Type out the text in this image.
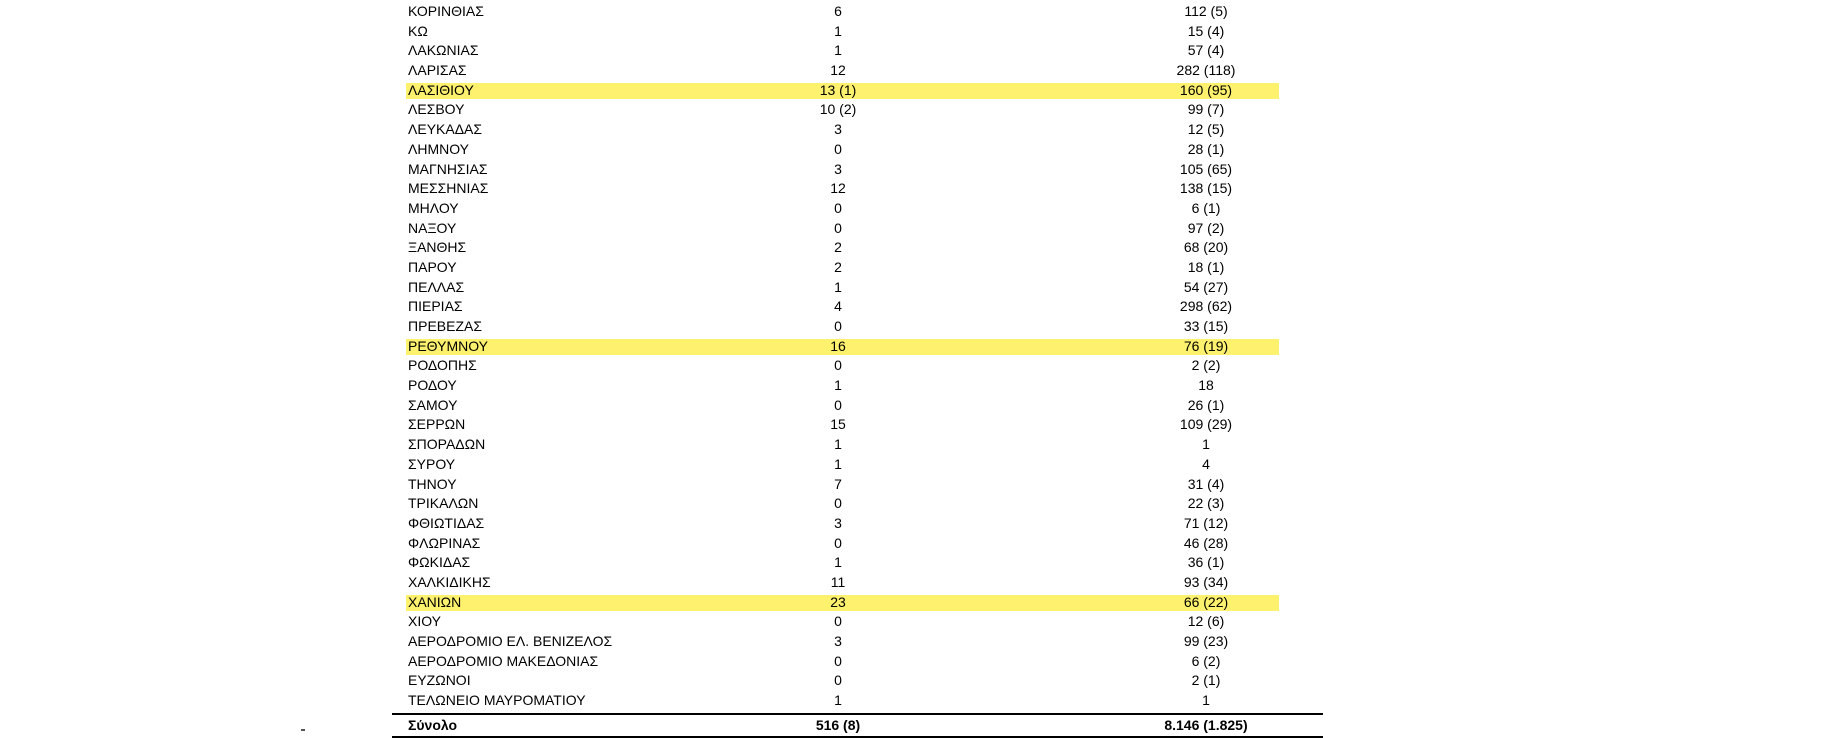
ΚΟΡΙΝΘΙΑΣ	6	112 (5)
ΚΩ	1	15 (4)
ΛΑΚΩΝΙΑΣ	1	57 (4)
ΛΑΡΙΣΑΣ	12	282 (118)
ΛΑΣΙΘΙΟΥ	13 (1)	160 (95)
ΛΕΣΒΟΥ	10 (2)	99 (7)
ΛΕΥΚΑΔΑΣ	3	12 (5)
ΛΗΜΝΟΥ	0	28 (1)
ΜΑΓΝΗΣΙΑΣ	3	105 (65)
ΜΕΣΣΗΝΙΑΣ	12	138 (15)
ΜΗΛΟΥ	0	6 (1)
ΝΑΞΟΥ	0	97 (2)
ΞΑΝΘΗΣ	2	68 (20)
ΠΑΡΟΥ	2	18 (1)
ΠΕΛΛΑΣ	1	54 (27)
ΠΙΕΡΙΑΣ	4	298 (62)
ΠΡΕΒΕΖΑΣ	0	33 (15)
ΡΕΘΥΜΝΟΥ	16	76 (19)
ΡΟΔΟΠΗΣ	0	2 (2)
ΡΟΔΟΥ	1	18
ΣΑΜΟΥ	0	26 (1)
ΣΕΡΡΩΝ	15	109 (29)
ΣΠΟΡΑΔΩΝ	1	1
ΣΥΡΟΥ	1	4
ΤΗΝΟΥ	7	31 (4)
ΤΡΙΚΑΛΩΝ	0	22 (3)
ΦΘΙΩΤΙΔΑΣ	3	71 (12)
ΦΛΩΡΙΝΑΣ	0	46 (28)
ΦΩΚΙΔΑΣ	1	36 (1)
ΧΑΛΚΙΔΙΚΗΣ	11	93 (34)
ΧΑΝΙΩΝ	23	66 (22)
ΧΙΟΥ	0	12 (6)
ΑΕΡΟΔΡΟΜΙΟ ΕΛ. ΒΕΝΙΖΕΛΟΣ	3	99 (23)
ΑΕΡΟΔΡΟΜΙΟ ΜΑΚΕΔΟΝΙΑΣ	0	6 (2)
ΕΥΖΩΝΟΙ	0	2 (1)
ΤΕΛΩΝΕΙΟ ΜΑΥΡΟΜΑΤΙΟΥ	1	1
Σύνολο	516 (8)	8.146 (1.825)
